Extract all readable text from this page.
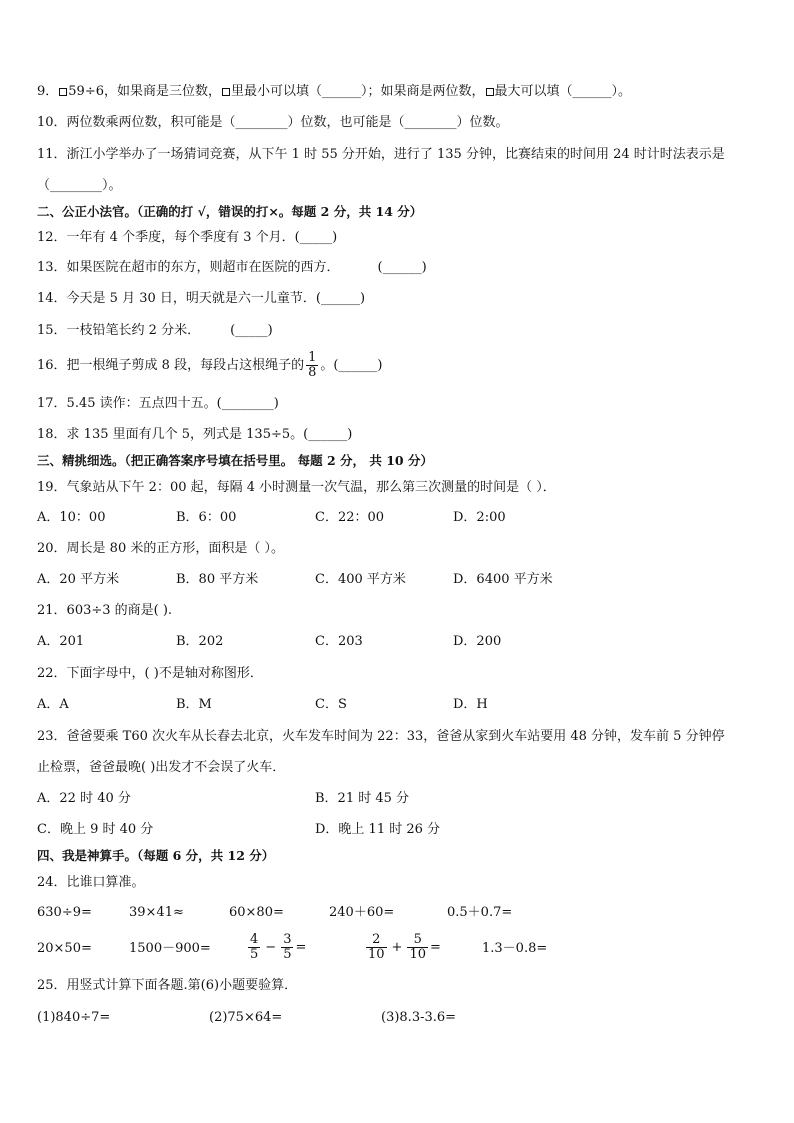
9． 59÷6，如果商是三位数， 里最小可以填（______）；如果商是两位数， 最大可以填（______）。
10．两位数乘两位数，积可能是（________）位数，也可能是（________）位数。
11．浙江小学举办了一场猜词竞赛，从下午 1 时 55 分开始，进行了 135 分钟，比赛结束的时间用 24 时计时法表示是
（________）。
二、公正小法官。（正确的打 √，错误的打×。每题 2 分，共 14 分）
12．一年有 4 个季度，每个季度有 3 个月．(_____)
13．如果医院在超市的东方，则超市在医院的西方．	(______)
14．今天是 5 月 30 日，明天就是六一儿童节．(______)
15．一枝铅笔长约 2 分米． (_____)
16．把一根绳子剪成 8 段，每段占这根绳子的 $\frac{1}{8}$ 。(______)
17．5.45 读作：五点四十五。(________)
18．求 135 里面有几个 5，列式是 135÷5。(______)
三、精挑细选。（把正确答案序号填在括号里。 每题 2 分， 共 10 分）
19．气象站从下午 2：00 起，每隔 4 小时测量一次气温，那么第三次测量的时间是（ ）．
A．10：00	B．6：00	C．22：00	D．2:00
20．周长是 80 米的正方形，面积是（ ）。
A．20 平方米	B．80 平方米	C．400 平方米	D．6400 平方米
21．603÷3 的商是( ).
A．201	B．202	C．203	D．200
22．下面字母中，( )不是轴对称图形．
A．A	B．M	C．S	D．H
23．爸爸要乘 T60 次火车从长春去北京，火车发车时间为 22：33，爸爸从家到火车站要用 48 分钟，发车前 5 分钟停
止检票，爸爸最晚( )出发才不会误了火车．
A．22 时 40 分	B．21 时 45 分
C．晚上 9 时 40 分	D．晚上 11 时 26 分
四、我是神算手。（每题 6 分，共 12 分）
24．比谁口算准。
630÷9=	39×41≈	60×80=	240＋60=	0.5＋0.7=
20×50=	1500－900=	$\frac{4}{5} - \frac{3}{5}$ =	$\frac{2}{10} + \frac{5}{10}$ =	1.3－0.8=
25．用竖式计算下面各题.第(6)小题要验算．
(1)840÷7=	(2)75×64=	(3)8.3-3.6=
